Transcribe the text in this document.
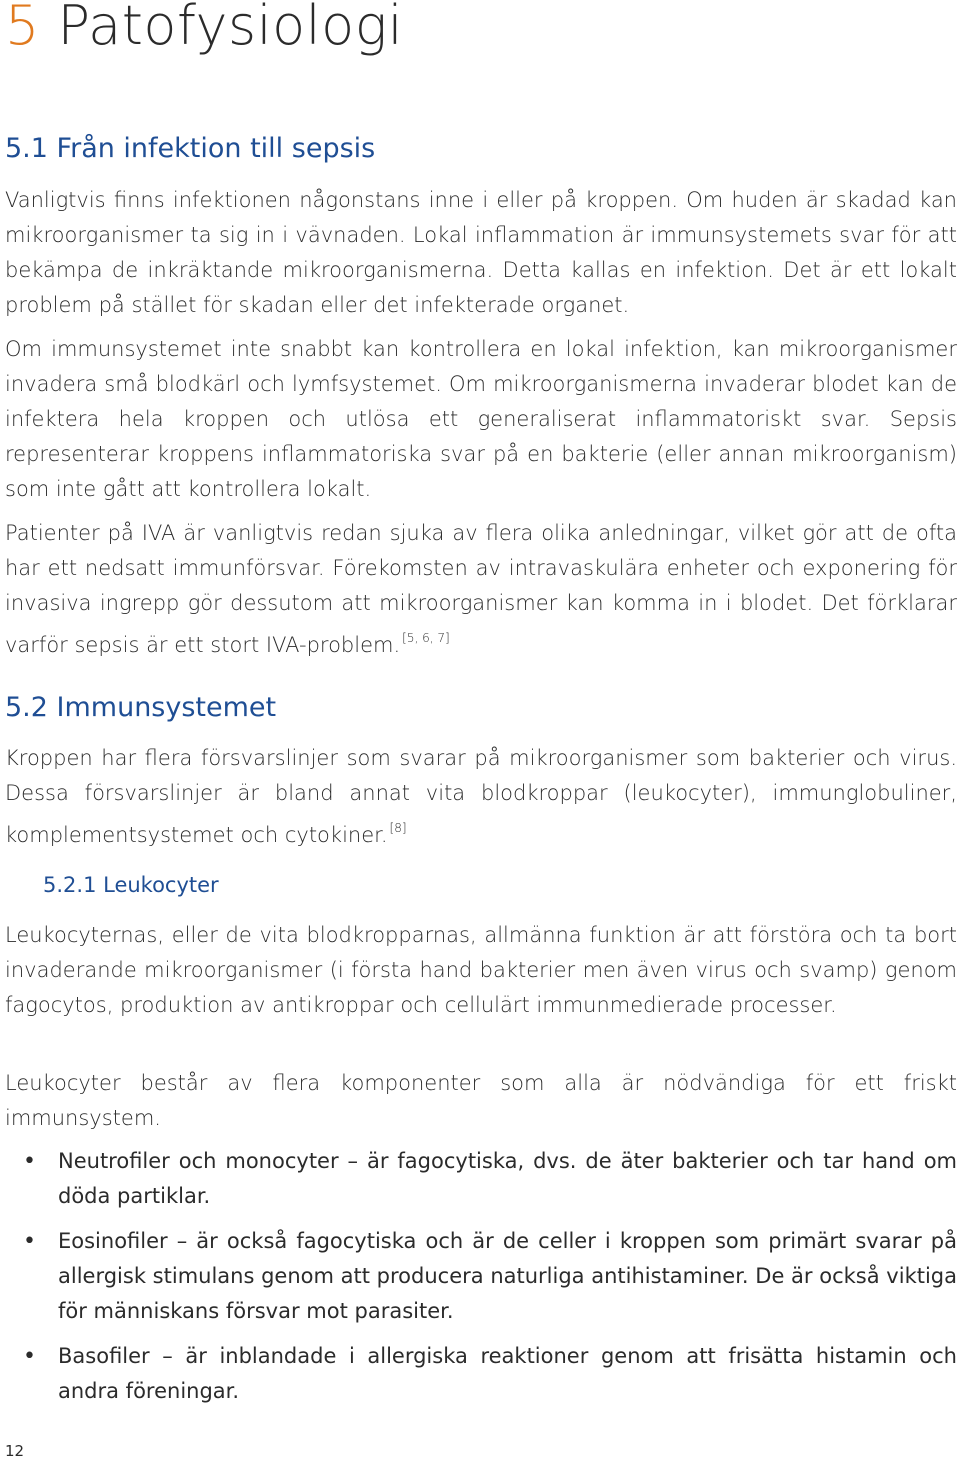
5 Patofysiologi
5.1 Från infektion till sepsis

Vanligtvis finns infektionen någonstans inne i eller på kroppen. Om huden är skadad kan mikroorganismer ta sig in i vävnaden. Lokal inflammation är immunsystemets svar för att bekämpa de inkräktande mikroorganismerna. Detta kallas en infektion. Det är ett lokalt problem på stället för skadan eller det infekterade organet.

Om immunsystemet inte snabbt kan kontrollera en lokal infektion, kan mikroorganismer invadera små blodkärl och lymfsystemet. Om mikroorganismerna invaderar blodet kan de infektera hela kroppen och utlösa ett generaliserat inflammatoriskt svar. Sepsis representerar kroppens inflammatoriska svar på en bakterie (eller annan mikroorganism) som inte gått att kontrollera lokalt.

Patienter på IVA är vanligtvis redan sjuka av flera olika anledningar, vilket gör att de ofta har ett nedsatt immunförsvar. Förekomsten av intravaskulära enheter och exponering för invasiva ingrepp gör dessutom att mikroorganismer kan komma in i blodet. Det förklarar varför sepsis är ett stort IVA-problem. [5, 6, 7]

5.2 Immunsystemet

Kroppen har flera försvarslinjer som svarar på mikroorganismer som bakterier och virus. Dessa försvarslinjer är bland annat vita blodkroppar (leukocyter), immunglobuliner, komplementsystemet och cytokiner. [8]

5.2.1 Leukocyter

Leukocyternas, eller de vita blodkropparnas, allmänna funktion är att förstöra och ta bort invaderande mikroorganismer (i första hand bakterier men även virus och svamp) genom fagocytos, produktion av antikroppar och cellulärt immunmedierade processer.

Leukocyter består av flera komponenter som alla är nödvändiga för ett friskt immunsystem.

• Neutrofiler och monocyter – är fagocytiska, dvs. de äter bakterier och tar hand om döda partiklar.
• Eosinofiler – är också fagocytiska och är de celler i kroppen som primärt svarar på allergisk stimulans genom att producera naturliga antihistaminer. De är också viktiga för människans försvar mot parasiter.
• Basofiler – är inblandade i allergiska reaktioner genom att frisätta histamin och andra föreningar.
12
